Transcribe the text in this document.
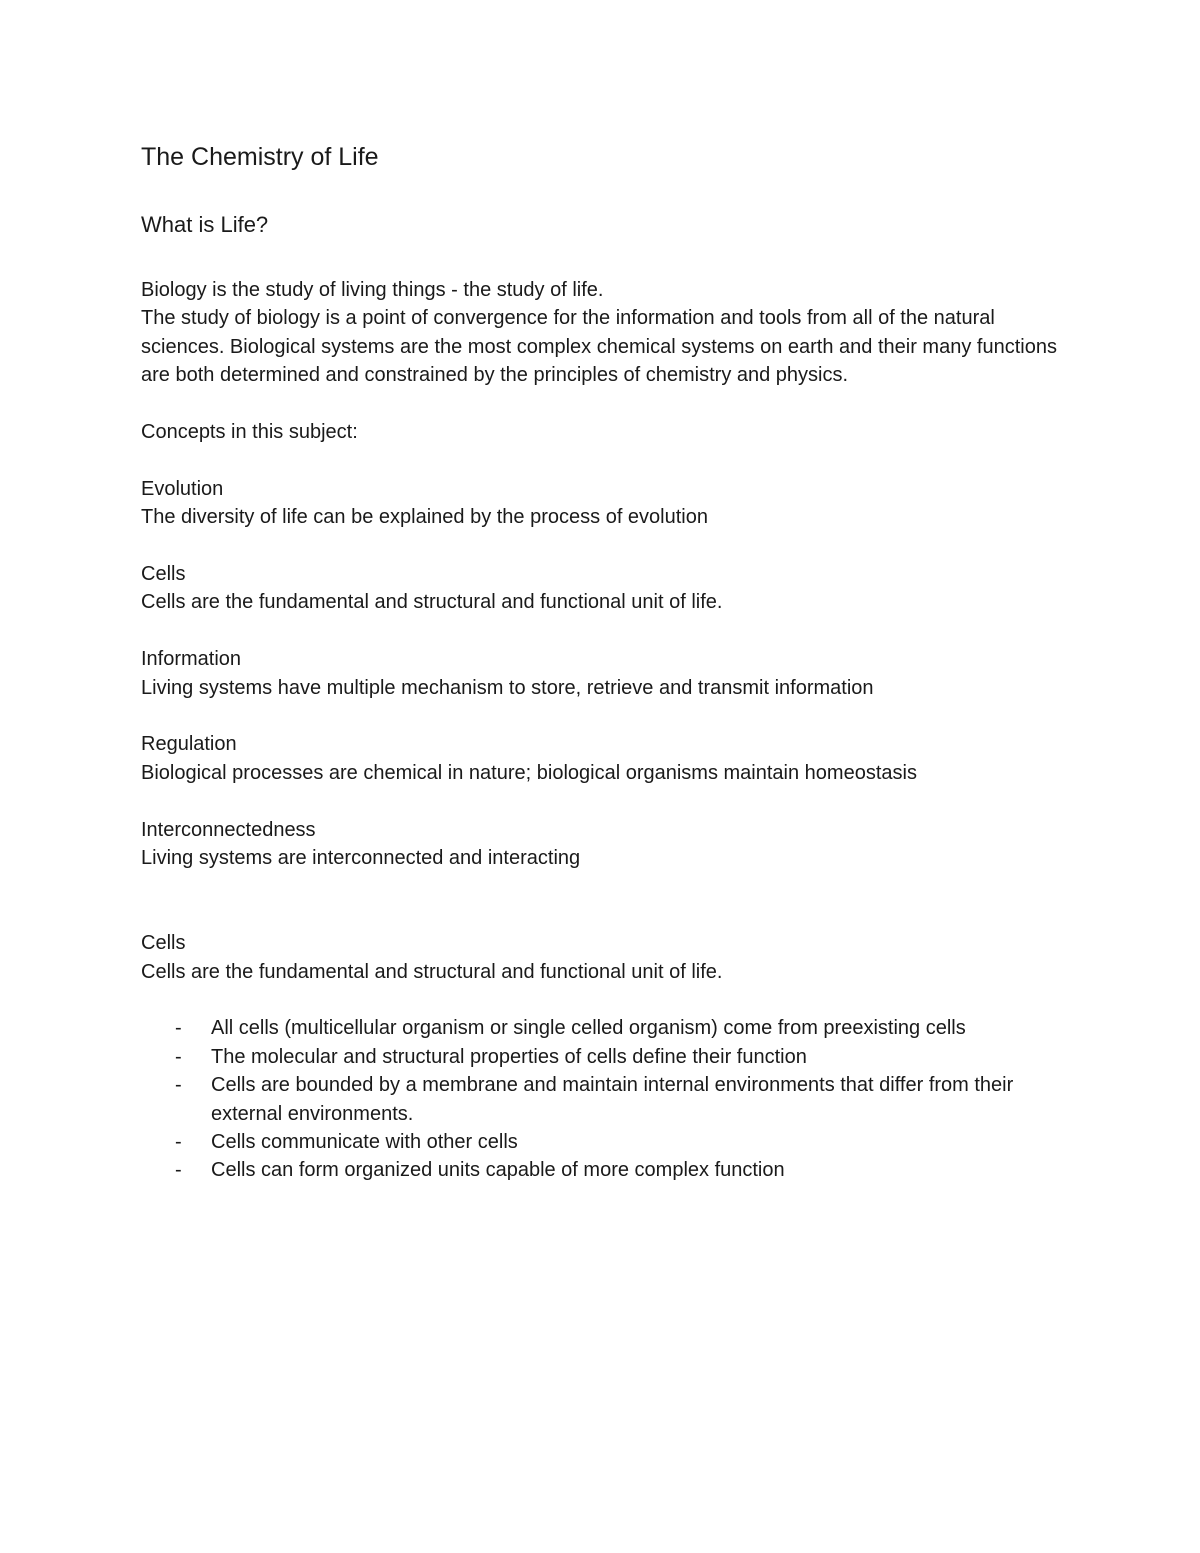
The Chemistry of Life
What is Life?

Biology is the study of living things - the study of life.

The study of biology is a point of convergence for the information and tools from all of the natural sciences. Biological systems are the most complex chemical systems on earth and their many functions are both determined and constrained by the principles of chemistry and physics.

Concepts in this subject:

Evolution

The diversity of life can be explained by the process of evolution

Cells

Cells are the fundamental and structural and functional unit of life.

Information

Living systems have multiple mechanism to store, retrieve and transmit information

Regulation

Biological processes are chemical in nature; biological organisms maintain homeostasis

Interconnectedness

Living systems are interconnected and interacting

Cells

Cells are the fundamental and structural and functional unit of life.

- All cells (multicellular organism or single celled organism) come from preexisting cells
- The molecular and structural properties of cells define their function
- Cells are bounded by a membrane and maintain internal environments that differ from their external environments.
- Cells communicate with other cells
- Cells can form organized units capable of more complex function
